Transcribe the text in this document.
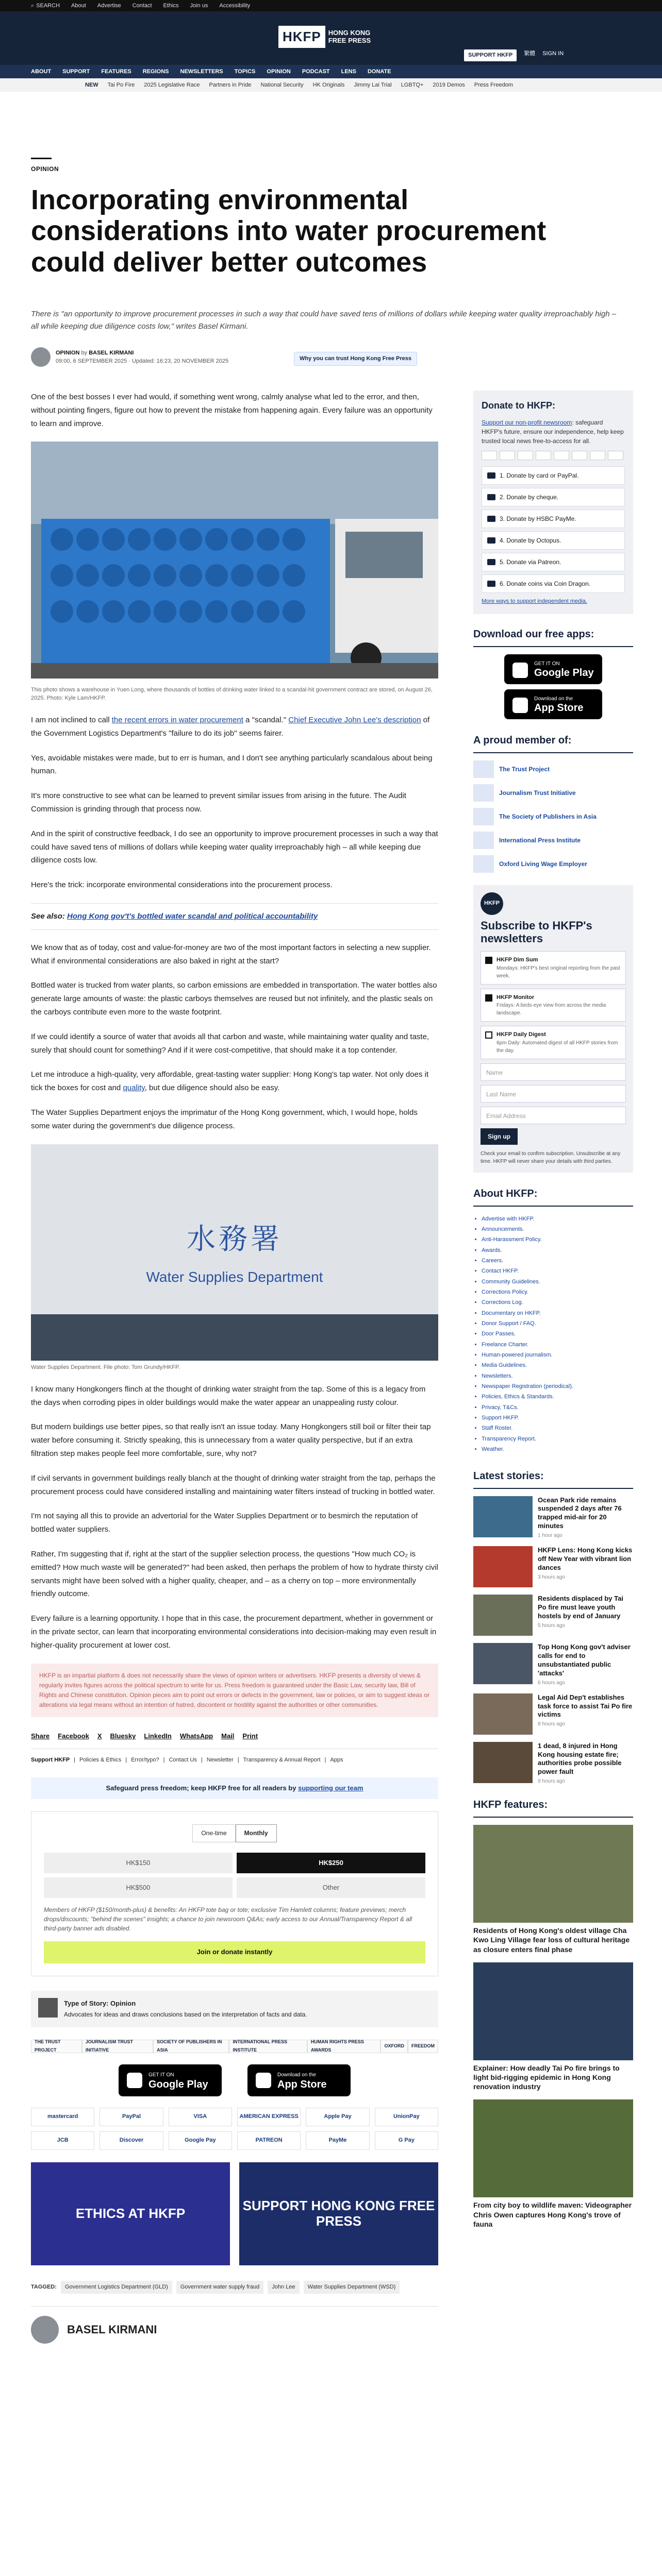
⌕ SEARCH About Advertise Contact Ethics Join us Accessibility
HKFP	HONG KONG
FREE PRESS
SUPPORT HKFP	繁體 SIGN IN
ABOUT SUPPORT FEATURES REGIONS NEWSLETTERS TOPICS OPINION PODCAST LENS DONATE
NEW Tai Po Fire 2025 Legislative Race Partners in Pride National Security HK Originals Jimmy Lai Trial LGBTQ+ 2019 Demos Press Freedom
OPINION
Incorporating environmental considerations into water procurement could deliver better outcomes

There is "an opportunity to improve procurement processes in such a way that could have saved tens of millions of dollars while keeping water quality irreproachably high – all while keeping due diligence costs low," writes Basel Kirmani.

OPINION by BASEL KIRMANI
09:00, 6 SEPTEMBER 2025 · Updated: 16:23, 20 NOVEMBER 2025	Why you can trust Hong Kong Free Press

One of the best bosses I ever had would, if something went wrong, calmly analyse what led to the error, and then, without pointing fingers, figure out how to prevent the mistake from happening again. Every failure was an opportunity to learn and improve.

This photo shows a warehouse in Yuen Long, where thousands of bottles of drinking water linked to a scandal-hit government contract are stored, on August 26, 2025. Photo: Kyle Lam/HKFP.

I am not inclined to call the recent errors in water procurement a "scandal." Chief Executive John Lee's description of the Government Logistics Department's "failure to do its job" seems fairer.

Yes, avoidable mistakes were made, but to err is human, and I don't see anything particularly scandalous about being human.

It's more constructive to see what can be learned to prevent similar issues from arising in the future. The Audit Commission is grinding through that process now.

And in the spirit of constructive feedback, I do see an opportunity to improve procurement processes in such a way that could have saved tens of millions of dollars while keeping water quality irreproachably high – all while keeping due diligence costs low.

Here's the trick: incorporate environmental considerations into the procurement process.

See also: Hong Kong gov't's bottled water scandal and political accountability

We know that as of today, cost and value-for-money are two of the most important factors in selecting a new supplier. What if environmental considerations are also baked in right at the start?

Bottled water is trucked from water plants, so carbon emissions are embedded in transportation. The water bottles also generate large amounts of waste: the plastic carboys themselves are reused but not infinitely, and the plastic seals on the carboys contribute even more to the waste footprint.

If we could identify a source of water that avoids all that carbon and waste, while maintaining water quality and taste, surely that should count for something? And if it were cost-competitive, that should make it a top contender.

Let me introduce a high-quality, very affordable, great-tasting water supplier: Hong Kong's tap water. Not only does it tick the boxes for cost and quality, but due diligence should also be easy.

The Water Supplies Department enjoys the imprimatur of the Hong Kong government, which, I would hope, holds some water during the government's due diligence process.

水務署
Water Supplies Department

Water Supplies Department. File photo: Tom Grundy/HKFP.

I know many Hongkongers flinch at the thought of drinking water straight from the tap. Some of this is a legacy from the days when corroding pipes in older buildings would make the water appear an unappealing rusty colour.

But modern buildings use better pipes, so that really isn't an issue today. Many Hongkongers still boil or filter their tap water before consuming it. Strictly speaking, this is unnecessary from a water quality perspective, but if an extra filtration step makes people feel more comfortable, sure, why not?

If civil servants in government buildings really blanch at the thought of drinking water straight from the tap, perhaps the procurement process could have considered installing and maintaining water filters instead of trucking in bottled water.

I'm not saying all this to provide an advertorial for the Water Supplies Department or to besmirch the reputation of bottled water suppliers.

Rather, I'm suggesting that if, right at the start of the supplier selection process, the questions "How much CO₂ is emitted? How much waste will be generated?" had been asked, then perhaps the problem of how to hydrate thirsty civil servants might have been solved with a higher quality, cheaper, and – as a cherry on top – more environmentally friendly outcome.

Every failure is a learning opportunity. I hope that in this case, the procurement department, whether in government or in the private sector, can learn that incorporating environmental considerations into decision-making may even result in higher-quality procurement at lower cost.

HKFP is an impartial platform & does not necessarily share the views of opinion writers or advertisers. HKFP presents a diversity of views & regularly invites figures across the political spectrum to write for us. Press freedom is guaranteed under the Basic Law, security law, Bill of Rights and Chinese constitution. Opinion pieces aim to point out errors or defects in the government, law or policies, or aim to suggest ideas or alterations via legal means without an intention of hatred, discontent or hostility against the authorities or other communities.
Share Facebook X Bluesky LinkedIn WhatsApp Mail Print
Support HKFP | Policies & Ethics | Error/typo? | Contact Us | Newsletter | Transparency & Annual Report | Apps
Safeguard press freedom; keep HKFP free for all readers by supporting our team
One-time	Monthly
HK$150	HK$250
HK$500	Other

Members of HKFP ($150/month-plus) & benefits: An HKFP tote bag or tote; exclusive Tim Hamlett columns; feature previews; merch drops/discounts; "behind the scenes" insights; a chance to join newsroom Q&As; early access to our Annual/Transparency Report & all third-party banner ads disabled.

Join or donate instantly
Type of Story: Opinion
Advocates for ideas and draws conclusions based on the interpretation of facts and data.
THE TRUST PROJECT
JOURNALISM TRUST INITIATIVE
SOCIETY OF PUBLISHERS IN ASIA
INTERNATIONAL PRESS INSTITUTE
HUMAN RIGHTS PRESS AWARDS
OXFORD	FREEDOM
GET IT ON
Google Play
Download on the
App Store
mastercard	PayPal	VISA	AMERICAN EXPRESS	Apple Pay	UnionPay
JCB	Discover	Google Pay	PATREON	PayMe	G Pay
ETHICS AT HKFP	SUPPORT HONG KONG FREE PRESS
TAGGED:	Government Logistics Department (GLD)	Government water supply fraud	John Lee	Water Supplies Department (WSD)
BASEL KIRMANI
Donate to HKFP:

Support our non-profit newsroom: safeguard HKFP's future, ensure our independence, help keep trusted local news free-to-access for all.

1. Donate by card or PayPal.
2. Donate by cheque.
3. Donate by HSBC PayMe.
4. Donate by Octopus.
5. Donate via Patreon.
6. Donate coins via Coin Dragon.
More ways to support independent media.
Download our free apps:
GET IT ON
Google Play
Download on the
App Store
A proud member of:
The Trust Project
Journalism Trust Initiative
The Society of Publishers in Asia
International Press Institute
Oxford Living Wage Employer
HKFP
Subscribe to HKFP's newsletters
HKFP Dim Sum
Mondays: HKFP's best original reporting from the past week.
HKFP Monitor
Fridays: A birds-eye view from across the media landscape.
HKFP Daily Digest
6pm Daily: Automated digest of all HKFP stories from the day.
Name
Last Name
Email Address
Sign up

Check your email to confirm subscription. Unsubscribe at any time. HKFP will never share your details with third parties.

About HKFP:
• Advertise with HKFP.
• Announcements.
• Anti-Harassment Policy.
• Awards.
• Careers.
• Contact HKFP.
• Community Guidelines.
• Corrections Policy.
• Corrections Log.
• Documentary on HKFP.
• Donor Support / FAQ.
• Door Passes.
• Freelance Charter.
• Human-powered journalism.
• Media Guidelines.
• Newsletters.
• Newspaper Registration (periodical).
• Policies, Ethics & Standards.
• Privacy, T&Cs.
• Support HKFP.
• Staff Roster.
• Transparency Report.
• Weather.
Latest stories:
Ocean Park ride remains suspended 2 days after 76 trapped mid-air for 20 minutes
1 hour ago
HKFP Lens: Hong Kong kicks off New Year with vibrant lion dances
3 hours ago
Residents displaced by Tai Po fire must leave youth hostels by end of January
5 hours ago
Top Hong Kong gov't adviser calls for end to unsubstantiated public 'attacks'
6 hours ago
Legal Aid Dep't establishes task force to assist Tai Po fire victims
8 hours ago
1 dead, 8 injured in Hong Kong housing estate fire; authorities probe possible power fault
9 hours ago
HKFP features:
Residents of Hong Kong's oldest village Cha Kwo Ling Village fear loss of cultural heritage as closure enters final phase
Explainer: How deadly Tai Po fire brings to light bid-rigging epidemic in Hong Kong renovation industry
From city boy to wildlife maven: Videographer Chris Owen captures Hong Kong's trove of fauna
